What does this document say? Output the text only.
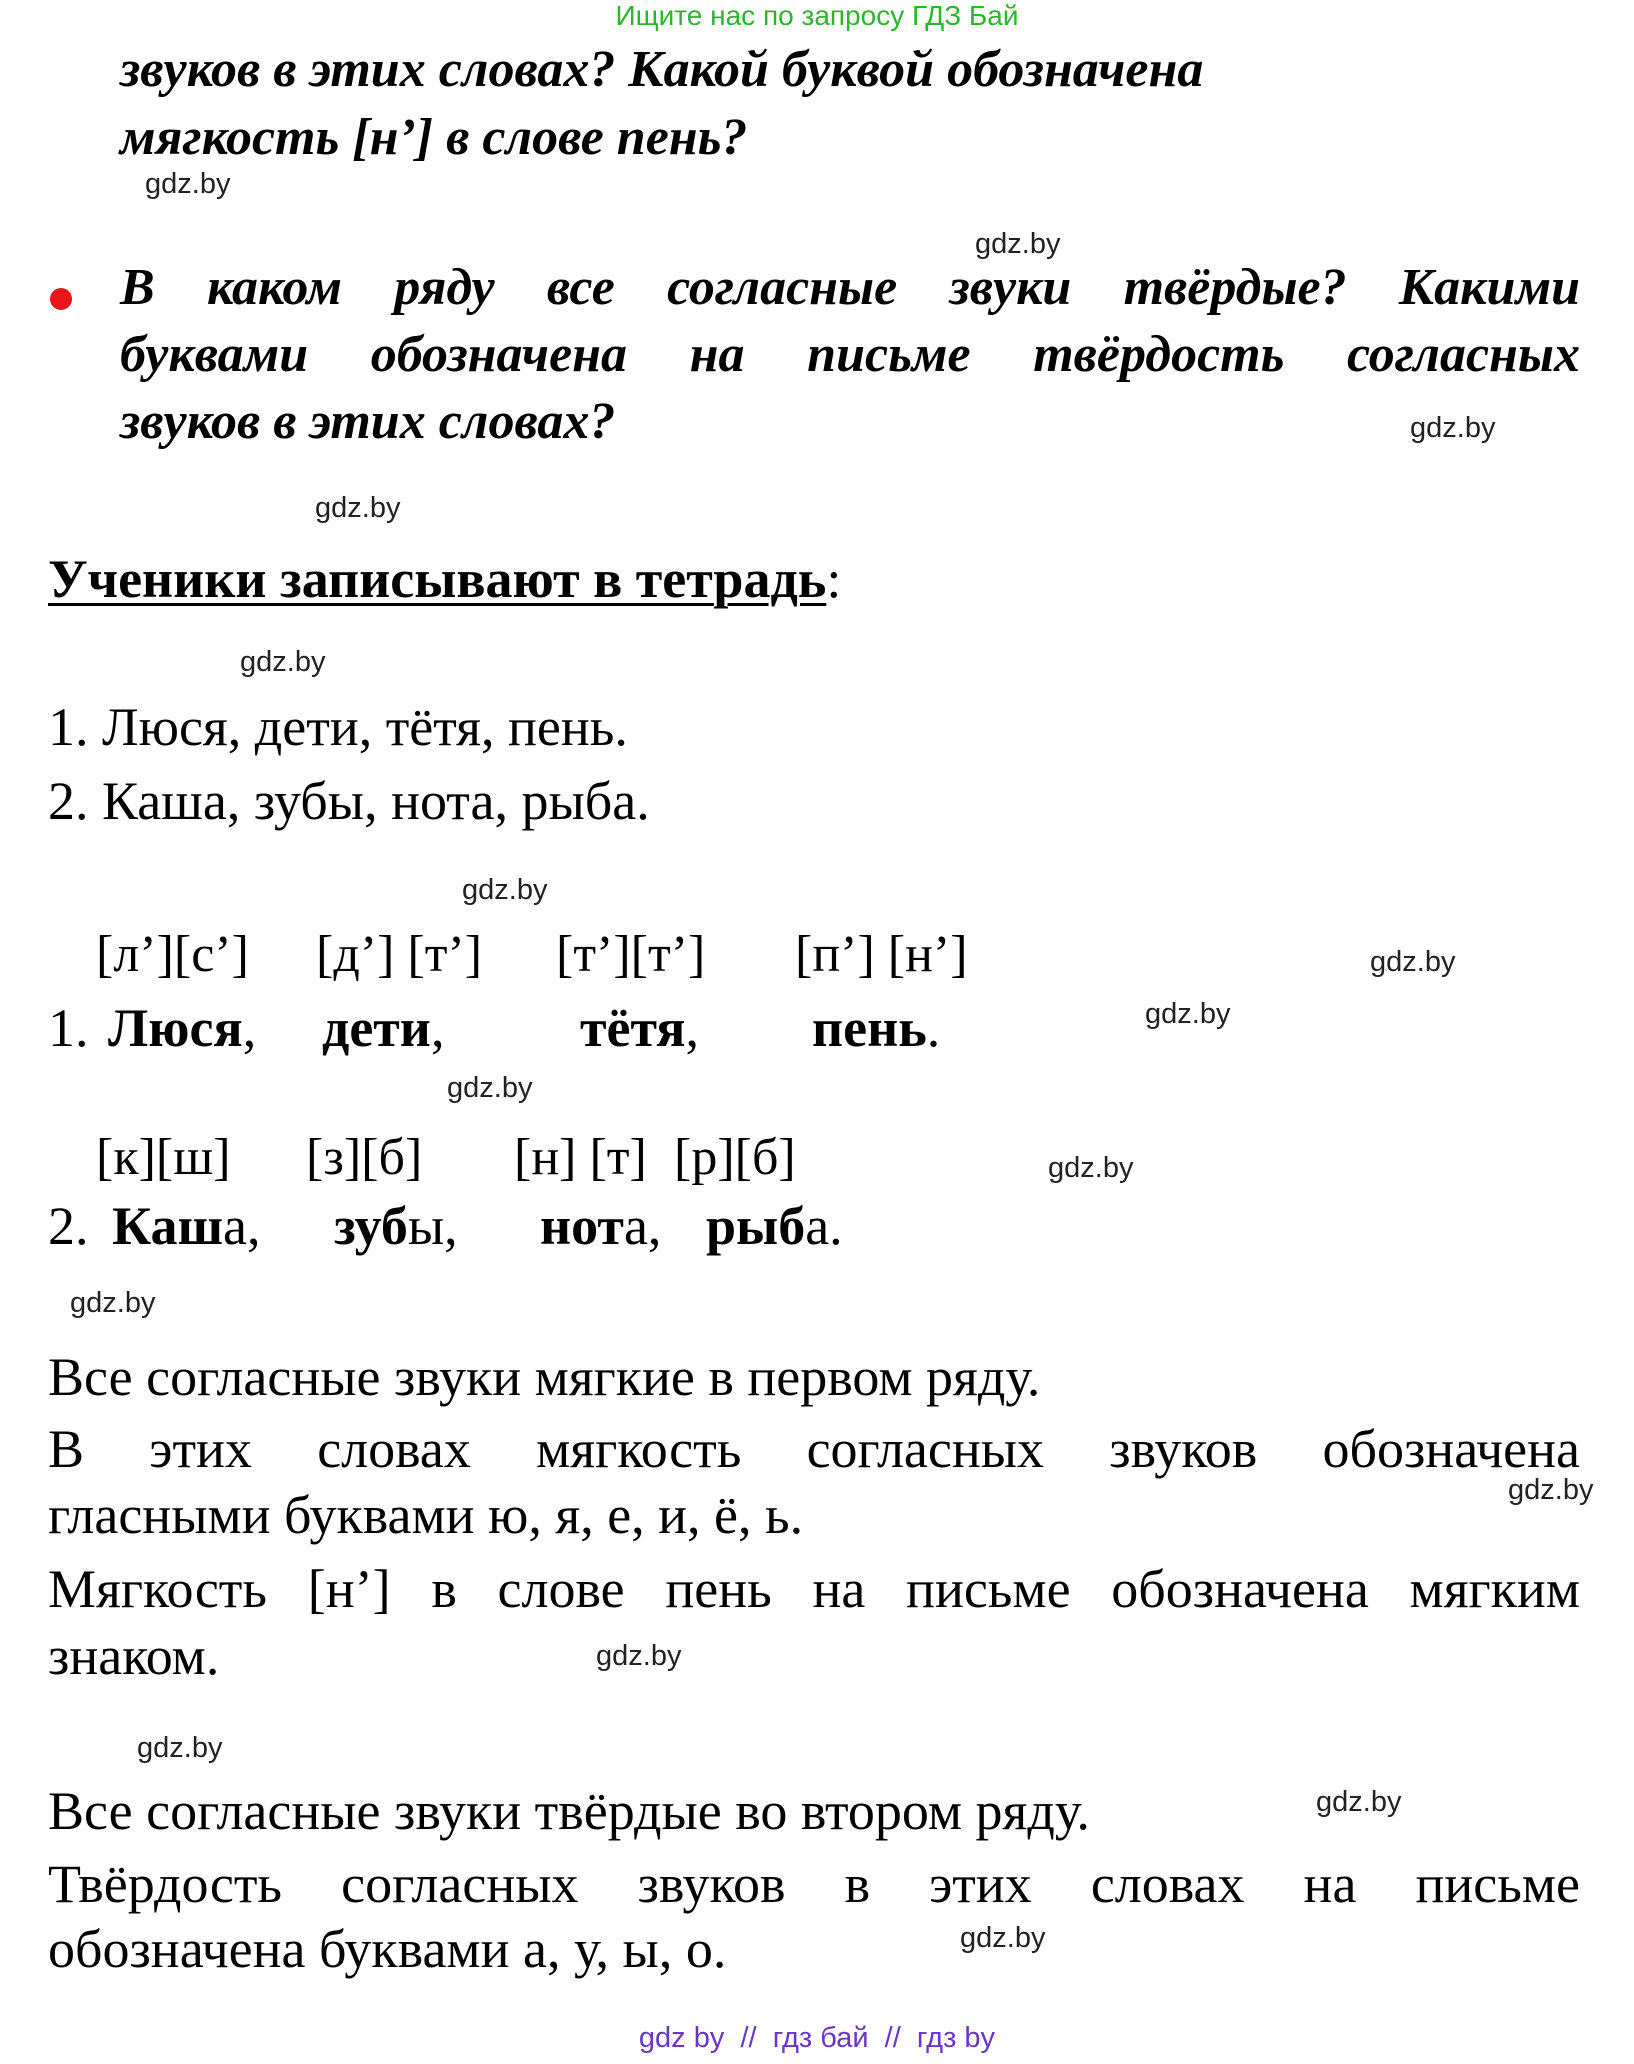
Ищите нас по запросу ГДЗ Бай
звуков в этих словах? Какой буквой обозначена
мягкость [н’] в слове пень?
В каком ряду все согласные звуки твёрдые? Какими
буквами обозначена на письме твёрдость согласных
звуков в этих словах?
Ученики записывают в тетрадь:
1. Люся, дети, тётя, пень.
2. Каша, зубы, нота, рыба.
[л’][с’] [д’] [т’] [т’][т’] [п’] [н’]
1. Люся, дети,	тётя, пень.
[к][ш] [з][б] [н] [т] [р][б]
2. Каша, зубы, нота, рыба.
Все согласные звуки мягкие в первом ряду.
В этих словах мягкость согласных звуков обозначена
гласными буквами ю, я, е, и, ё, ь.
Мягкость [н’] в слове пень на письме обозначена мягким
знаком.
Все согласные звуки твёрдые во втором ряду.
Твёрдость согласных звуков в этих словах на письме
обозначена буквами а, у, ы, о.
gdz.by
gdz.by
gdz.by
gdz.by
gdz.by
gdz.by
gdz.by
gdz.by
gdz.by
gdz.by
gdz.by
gdz.by
gdz.by
gdz.by
gdz.by
gdz.by
gdz by  //  гдз бай  //  гдз by
